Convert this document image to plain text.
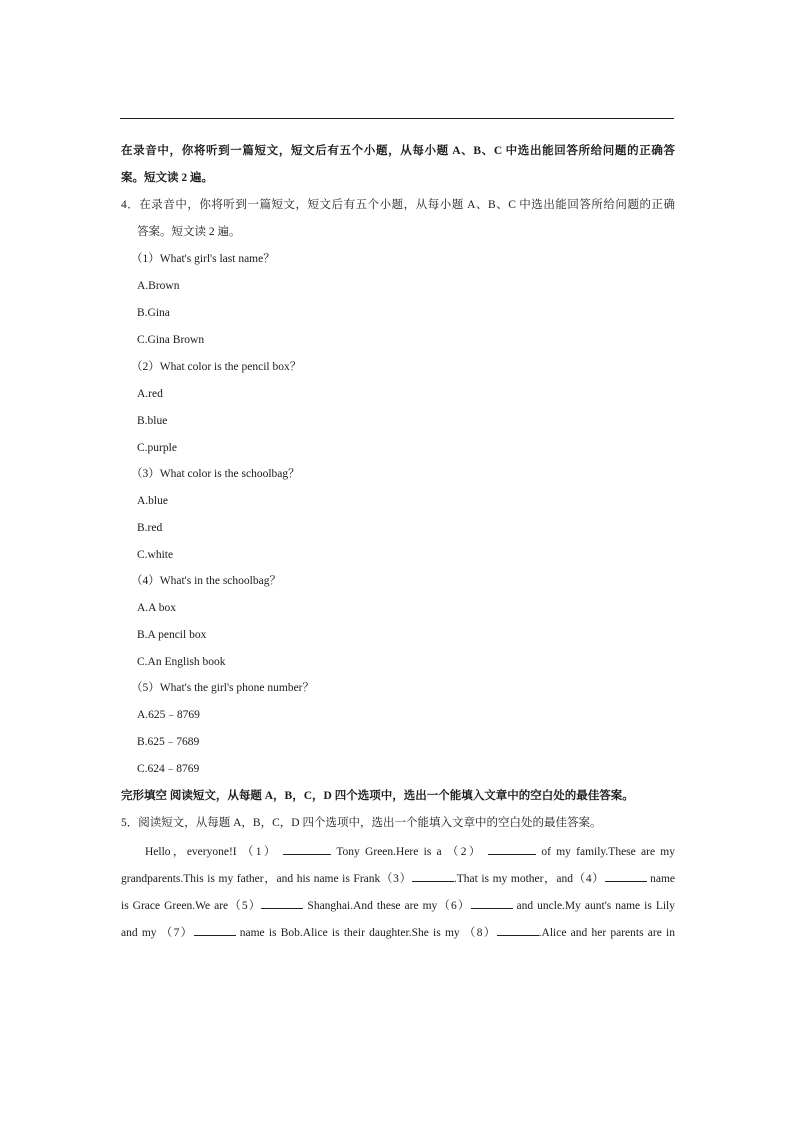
在录音中，你将听到一篇短文，短文后有五个小题，从每小题 A、B、C 中选出能回答所给问题的正确答
案。短文读 2 遍。
4．在录音中，你将听到一篇短文，短文后有五个小题，从每小题 A、B、C 中选出能回答所给问题的正确
答案。短文读 2 遍。
（1）What's girl's last name？
A.Brown
B.Gina
C.Gina Brown
（2）What color is the pencil box？
A.red
B.blue
C.purple
（3）What color is the schoolbag？
A.blue
B.red
C.white
（4）What's in the schoolbag？
A.A box
B.A pencil box
C.An English book
（5）What's the girl's phone number？
A.625﹣8769
B.625﹣7689
C.624﹣8769
完形填空 阅读短文，从每题 A，B，C，D 四个选项中，选出一个能填入文章中的空白处的最佳答案。
5．阅读短文，从每题 A，B，C，D 四个选项中，选出一个能填入文章中的空白处的最佳答案。
Hello，everyone!I （1）	Tony Green.Here is a （2）	of my family.These are my
grandparents.This is my father，and his name is Frank（3）	.That is my mother，and（4）	name
is Grace Green.We are（5）	Shanghai.And these are my（6）	and uncle.My aunt's name is Lily
and my （7）	name is Bob.Alice is their daughter.She is my （8）	.Alice and her parents are in
